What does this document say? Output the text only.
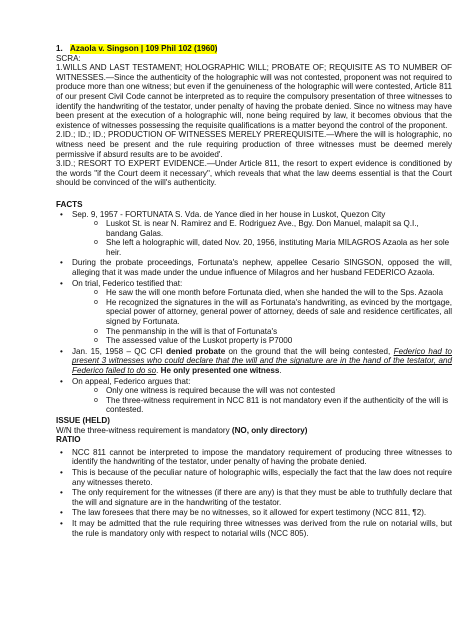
1. Azaola v. Singson | 109 Phil 102 (1960)

SCRA:

1.WILLS AND LAST TESTAMENT; HOLOGRAPHIC WILL; PROBATE OF; REQUISITE AS TO NUMBER OF WITNESSES.—Since the authenticity of the holographic will was not contested, proponent was not required to produce more than one witness; but even if the genuineness of the holographic will were contested, Article 811 of our present Civil Code cannot be interpreted as to require the compulsory presentation of three witnesses to identify the handwriting of the testator, under penalty of having the probate denied. Since no witness may have been present at the execution of a holographic will, none being required by law, it becomes obvious that the existence of witnesses possessing the requisite qualifications is a matter beyond the control of the proponent.

2.ID.; ID.; ID.; PRODUCTION OF WITNESSES MERELY PREREQUISITE.—Where the will is holographic, no witness need be present and the rule requiring production of three witnesses must be deemed merely permissive if absurd results are to be avoided'.

3.ID.; RESORT TO EXPERT EVIDENCE.—Under Article 811, the resort to expert evidence is conditioned by the words "if the Court deem it necessary", which reveals that what the law deems essential is that the Court should be convinced of the will's authenticity.

FACTS

• Sep. 9, 1957 - FORTUNATA S. Vda. de Yance died in her house in Luskot, Quezon City
o Luskot St. is near N. Ramirez and E. Rodriguez Ave., Bgy. Don Manuel, malapit sa Q.I., bandang Galas.
o She left a holographic will, dated Nov. 20, 1956, instituting Maria MILAGROS Azaola as her sole heir.
• During the probate proceedings, Fortunata's nephew, appellee Cesario SINGSON, opposed the will, alleging that it was made under the undue influence of Milagros and her husband FEDERICO Azaola.
• On trial, Federico testified that:
o He saw the will one month before Fortunata died, when she handed the will to the Sps. Azaola
o He recognized the signatures in the will as Fortunata's handwriting, as evinced by the mortgage, special power of attorney, general power of attorney, deeds of sale and residence certificates, all signed by Fortunata.
o The penmanship in the will is that of Fortunata's
o The assessed value of the Luskot property is P7000
• Jan. 15, 1958 – QC CFI denied probate on the ground that the will being contested, Federico had to present 3 witnesses who could declare that the will and the signature are in the hand of the testator, and Federico failed to do so. He only presented one witness.
• On appeal, Federico argues that:
o Only one witness is required because the will was not contested
o The three-witness requirement in NCC 811 is not mandatory even if the authenticity of the will is contested.

ISSUE (HELD)

W/N the three-witness requirement is mandatory (NO, only directory)

RATIO

• NCC 811 cannot be interpreted to impose the mandatory requirement of producing three witnesses to identify the handwriting of the testator, under penalty of having the probate denied.
• This is because of the peculiar nature of holographic wills, especially the fact that the law does not require any witnesses thereto.
• The only requirement for the witnesses (if there are any) is that they must be able to truthfully declare that the will and signature are in the handwriting of the testator.
• The law foresees that there may be no witnesses, so it allowed for expert testimony (NCC 811, ¶2).
• It may be admitted that the rule requiring three witnesses was derived from the rule on notarial wills, but the rule is mandatory only with respect to notarial wills (NCC 805).
